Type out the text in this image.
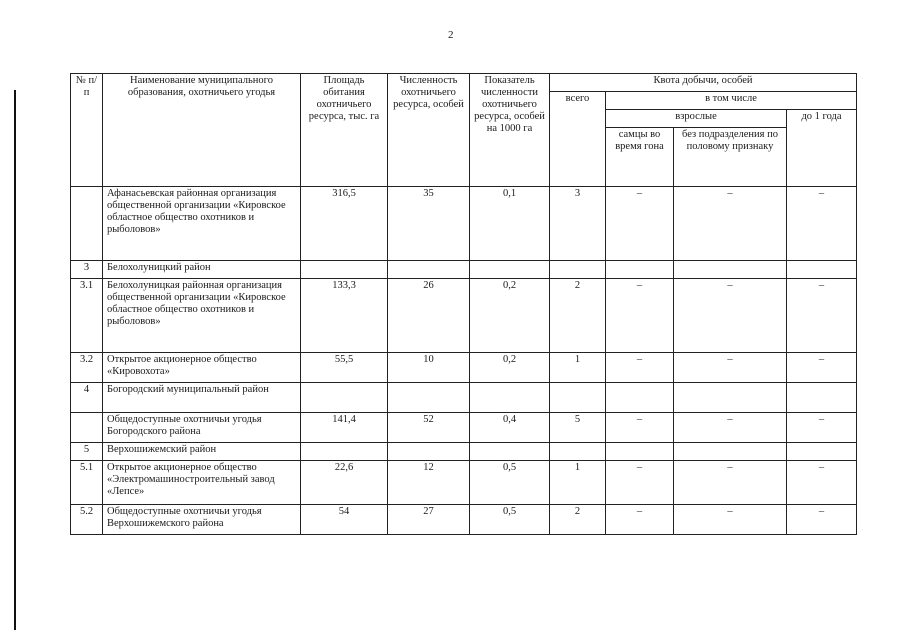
2
№ п/п	Наименование муниципального образования, охотничьего угодья	Площадь обитания охотничьего ресурса, тыс. га	Численность охотничьего ресурса, особей	Показатель численности охотничьего ресурса, особей на 1000 га	Квота добычи, особей			
					всего	в том числе		
						взрослые		до 1 года
						самцы во время гона	без подразделения по половому признаку	
	Афанасьевская районная организация общественной организации «Кировское областное общество охотников и рыболовов»	316,5	35	0,1	3	–	–	–
3	Белохолуницкий район							
3.1	Белохолуницкая районная организация общественной организации «Кировское областное общество охотников и рыболовов»	133,3	26	0,2	2	–	–	–
3.2	Открытое акционерное общество «Кировохота»	55,5	10	0,2	1	–	–	–
4	Богородский муниципальный район							
	Общедоступные охотничьи угодья Богородского района	141,4	52	0,4	5	–	–	–
5	Верхошижемский район							
5.1	Открытое акционерное общество «Электромашиностроительный завод «Лепсе»	22,6	12	0,5	1	–	–	–
5.2	Общедоступные охотничьи угодья Верхошижемского района	54	27	0,5	2	–	–	–
